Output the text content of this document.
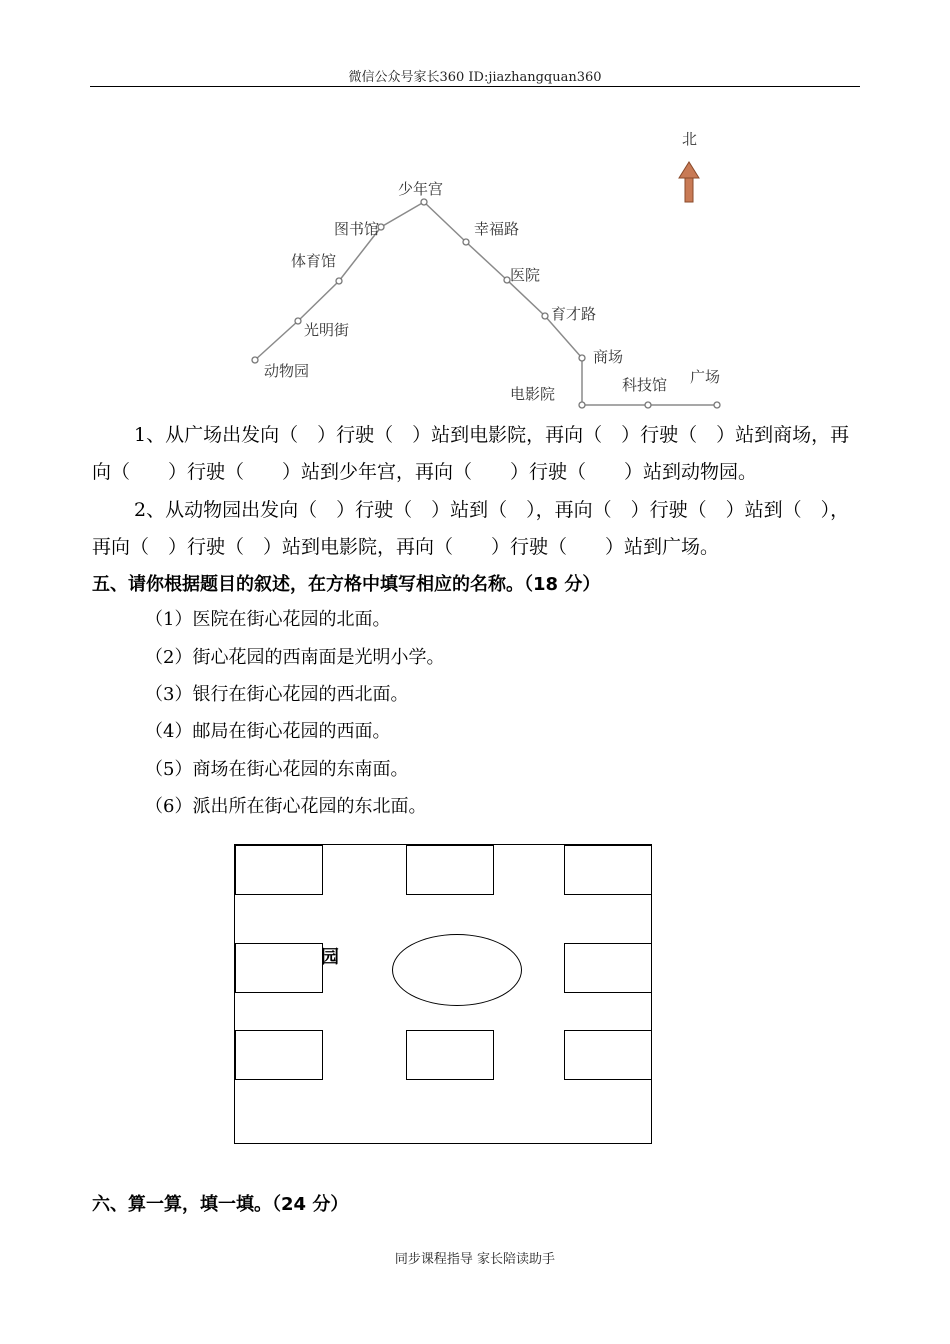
微信公众号家长360 ID:jiazhangquan360
北
少年宫
图书馆
体育馆
光明街
动物园
幸福路
医院
育才路
商场
电影院	科技馆 广场
1、从广场出发向（　）行驶（　）站到电影院，再向（　）行驶（　）站到商场，再
向（　　）行驶（　　）站到少年宫，再向（　　）行驶（　　）站到动物园。
2、从动物园出发向（　）行驶（　）站到（　），再向（　）行驶（　）站到（　），
再向（　）行驶（　）站到电影院，再向（　　）行驶（　　）站到广场。
五、请你根据题目的叙述，在方格中填写相应的名称。（18 分）
（1）医院在街心花园的北面。
（2）街心花园的西南面是光明小学。
（3）银行在街心花园的西北面。
（4）邮局在街心花园的西面。
（5）商场在街心花园的东南面。
（6）派出所在街心花园的东北面。
园
六、算一算，填一填。（24 分）
同步课程指导 家长陪读助手
